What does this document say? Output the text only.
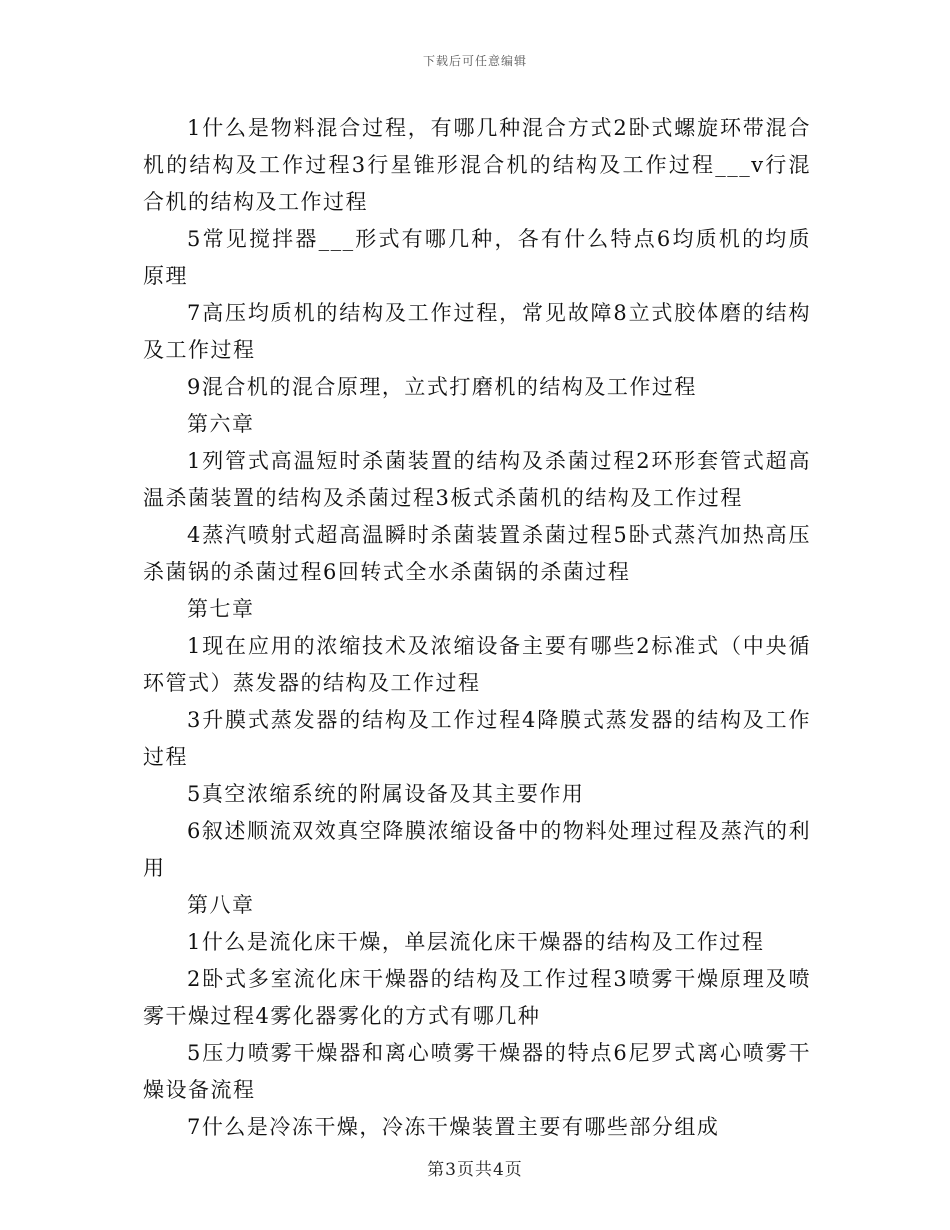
下载后可任意编辑

1什么是物料混合过程，有哪几种混合方式2卧式螺旋环带混合机的结构及工作过程3行星锥形混合机的结构及工作过程___v行混合机的结构及工作过程

5常见搅拌器___形式有哪几种，各有什么特点6均质机的均质原理

7高压均质机的结构及工作过程，常见故障8立式胶体磨的结构及工作过程

9混合机的混合原理，立式打磨机的结构及工作过程

第六章

1列管式高温短时杀菌装置的结构及杀菌过程2环形套管式超高温杀菌装置的结构及杀菌过程3板式杀菌机的结构及工作过程

4蒸汽喷射式超高温瞬时杀菌装置杀菌过程5卧式蒸汽加热高压杀菌锅的杀菌过程6回转式全水杀菌锅的杀菌过程

第七章

1现在应用的浓缩技术及浓缩设备主要有哪些2标准式（中央循环管式）蒸发器的结构及工作过程

3升膜式蒸发器的结构及工作过程4降膜式蒸发器的结构及工作过程

5真空浓缩系统的附属设备及其主要作用

6叙述顺流双效真空降膜浓缩设备中的物料处理过程及蒸汽的利用

第八章

1什么是流化床干燥，单层流化床干燥器的结构及工作过程

2卧式多室流化床干燥器的结构及工作过程3喷雾干燥原理及喷雾干燥过程4雾化器雾化的方式有哪几种

5压力喷雾干燥器和离心喷雾干燥器的特点6尼罗式离心喷雾干燥设备流程

7什么是冷冻干燥，冷冻干燥装置主要有哪些部分组成

第3页共4页
